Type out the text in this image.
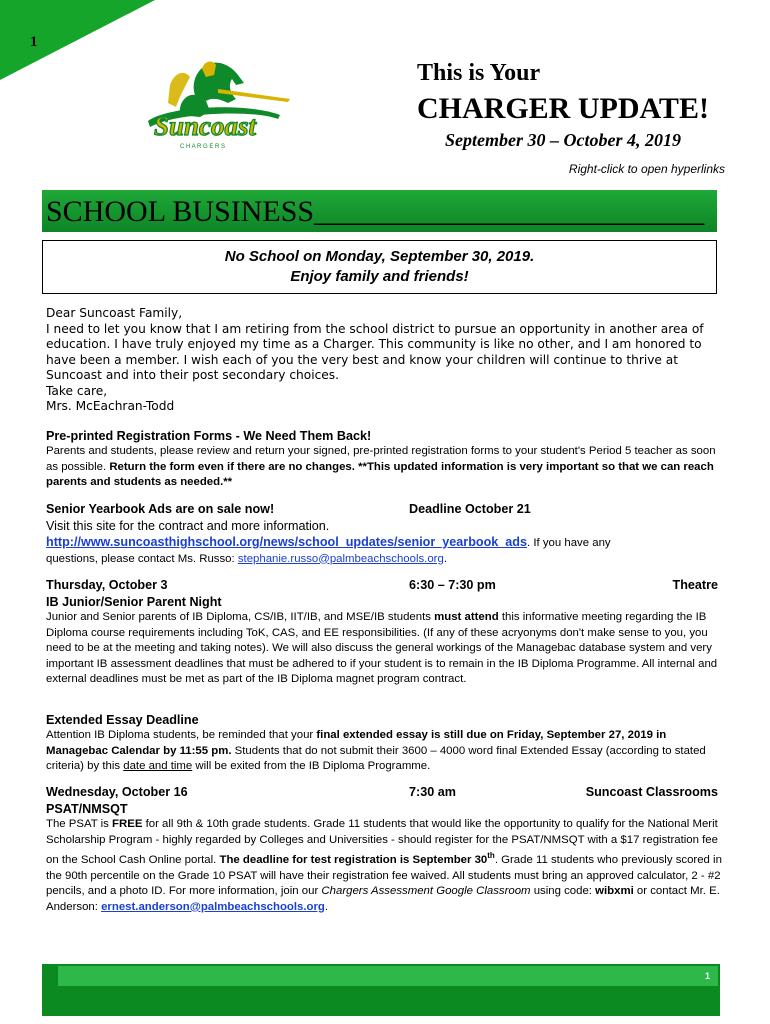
1
Suncoast
C H A R G E R S
This is Your
CHARGER UPDATE!
September 30 – October 4, 2019
Right-click to open hyperlinks
SCHOOL BUSINESS__________________________
No School on Monday, September 30, 2019.
Enjoy family and friends!
Dear Suncoast Family,
I need to let you know that I am retiring from the school district to pursue an opportunity in another area of education. I have truly enjoyed my time as a Charger. This community is like no other, and I am honored to have been a member. I wish each of you the very best and know your children will continue to thrive at Suncoast and into their post secondary choices.
Take care,
Mrs. McEachran-Todd
Pre-printed Registration Forms - We Need Them Back!
Parents and students, please review and return your signed, pre-printed registration forms to your student's Period 5 teacher as soon as possible. Return the form even if there are no changes. **This updated information is very important so that we can reach parents and students as needed.**
Senior Yearbook Ads are on sale now!	Deadline October 21
Visit this site for the contract and more information.
http://www.suncoasthighschool.org/news/school_updates/senior_yearbook_ads. If you have any
questions, please contact Ms. Russo: stephanie.russo@palmbeachschools.org.
Thursday, October 3	6:30 – 7:30 pm	Theatre
IB Junior/Senior Parent Night
Junior and Senior parents of IB Diploma, CS/IB, IIT/IB, and MSE/IB students must attend this informative meeting regarding the IB Diploma course requirements including ToK, CAS, and EE responsibilities. (If any of these acryonyms don't make sense to you, you need to be at the meeting and taking notes). We will also discuss the general workings of the Managebac database system and very important IB assessment deadlines that must be adhered to if your student is to remain in the IB Diploma Programme. All internal and external deadlines must be met as part of the IB Diploma magnet program contract.
Extended Essay Deadline
Attention IB Diploma students, be reminded that your final extended essay is still due on Friday, September 27, 2019 in Managebac Calendar by 11:55 pm. Students that do not submit their 3600 – 4000 word final Extended Essay (according to stated criteria) by this date and time will be exited from the IB Diploma Programme.
Wednesday, October 16	7:30 am	Suncoast Classrooms
PSAT/NMSQT
The PSAT is FREE for all 9th & 10th grade students. Grade 11 students that would like the opportunity to qualify for the National Merit Scholarship Program - highly regarded by Colleges and Universities - should register for the PSAT/NMSQT with a $17 registration fee on the School Cash Online portal. The deadline for test registration is September 30th. Grade 11 students who previously scored in the 90th percentile on the Grade 10 PSAT will have their registration fee waived. All students must bring an approved calculator, 2 - #2 pencils, and a photo ID. For more information, join our Chargers Assessment Google Classroom using code: wibxmi or contact Mr. E. Anderson: ernest.anderson@palmbeachschools.org.
1
